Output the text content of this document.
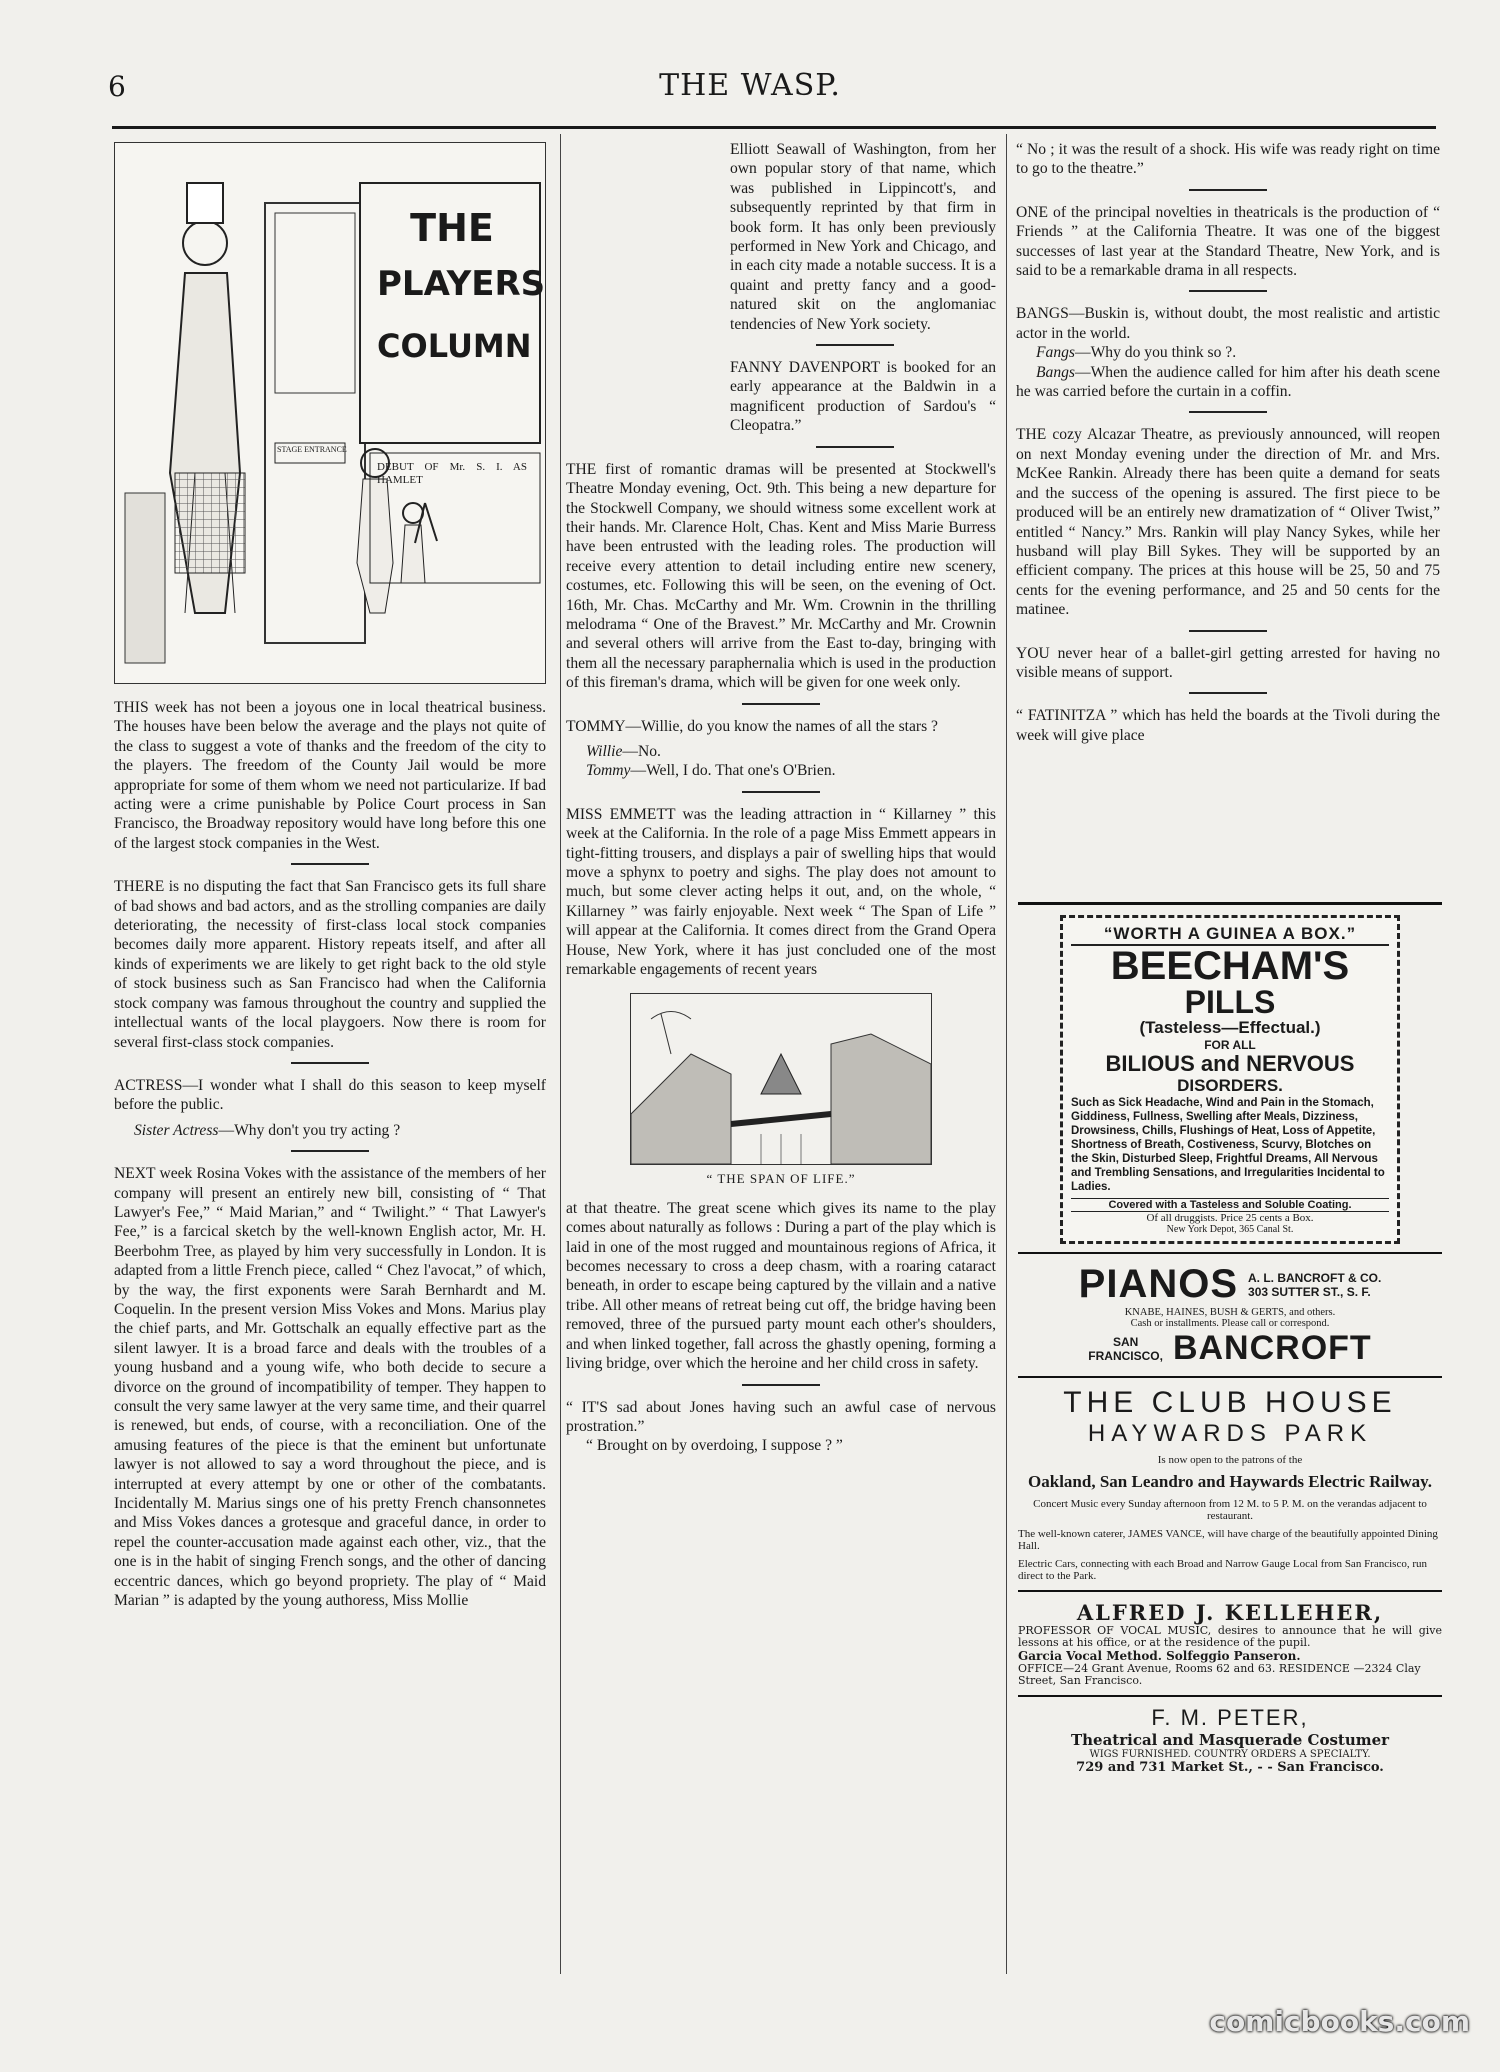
6	THE WASP.
THE
PLAYERS
COLUMN
STAGE ENTRANCE
DEBUT OF Mr. S. I. AS HAMLET

THIS week has not been a joyous one in local theatrical business. The houses have been below the average and the plays not quite of the class to suggest a vote of thanks and the freedom of the city to the players. The freedom of the County Jail would be more appropriate for some of them whom we need not particularize. If bad acting were a crime punishable by Police Court process in San Francisco, the Broadway repository would have long before this one of the largest stock companies in the West.

THERE is no disputing the fact that San Francisco gets its full share of bad shows and bad actors, and as the strolling companies are daily deteriorating, the necessity of first-class local stock companies becomes daily more apparent. History repeats itself, and after all kinds of experiments we are likely to get right back to the old style of stock business such as San Francisco had when the California stock company was famous throughout the country and supplied the intellectual wants of the local playgoers. Now there is room for several first-class stock companies.

ACTRESS—I wonder what I shall do this season to keep myself before the public.

Sister Actress—Why don't you try acting ?

NEXT week Rosina Vokes with the assistance of the members of her company will present an entirely new bill, consisting of “ That Lawyer's Fee,” “ Maid Marian,” and “ Twilight.” “ That Lawyer's Fee,” is a farcical sketch by the well-known English actor, Mr. H. Beerbohm Tree, as played by him very successfully in London. It is adapted from a little French piece, called “ Chez l'avocat,” of which, by the way, the first exponents were Sarah Bernhardt and M. Coquelin. In the present version Miss Vokes and Mons. Marius play the chief parts, and Mr. Gottschalk an equally effective part as the silent lawyer. It is a broad farce and deals with the troubles of a young husband and a young wife, who both decide to secure a divorce on the ground of incompatibility of temper. They happen to consult the very same lawyer at the very same time, and their quarrel is renewed, but ends, of course, with a reconciliation. One of the amusing features of the piece is that the eminent but unfortunate lawyer is not allowed to say a word throughout the piece, and is interrupted at every attempt by one or other of the combatants. Incidentally M. Marius sings one of his pretty French chansonnetes and Miss Vokes dances a grotesque and graceful dance, in order to repel the counter-accusation made against each other, viz., that the one is in the habit of singing French songs, and the other of dancing eccentric dances, which go beyond propriety. The play of “ Maid Marian ” is adapted by the young authoress, Miss Mollie

Elliott Seawall of Washington, from her own popular story of that name, which was published in Lippincott's, and subsequently reprinted by that firm in book form. It has only been previously performed in New York and Chicago, and in each city made a notable success. It is a quaint and pretty fancy and a good-natured skit on the anglomaniac tendencies of New York society.

FANNY DAVENPORT is booked for an early appearance at the Baldwin in a magnificent production of Sardou's “ Cleopatra.”

THE first of romantic dramas will be presented at Stockwell's Theatre Monday evening, Oct. 9th. This being a new departure for the Stockwell Company, we should witness some excellent work at their hands. Mr. Clarence Holt, Chas. Kent and Miss Marie Burress have been entrusted with the leading roles. The production will receive every attention to detail including entire new scenery, costumes, etc. Following this will be seen, on the evening of Oct. 16th, Mr. Chas. McCarthy and Mr. Wm. Crownin in the thrilling melodrama “ One of the Bravest.” Mr. McCarthy and Mr. Crownin and several others will arrive from the East to-day, bringing with them all the necessary paraphernalia which is used in the production of this fireman's drama, which will be given for one week only.

TOMMY—Willie, do you know the names of all the stars ?

Willie—No.

Tommy—Well, I do. That one's O'Brien.

MISS EMMETT was the leading attraction in “ Killarney ” this week at the California. In the role of a page Miss Emmett appears in tight-fitting trousers, and displays a pair of swelling hips that would move a sphynx to poetry and sighs. The play does not amount to much, but some clever acting helps it out, and, on the whole, “ Killarney ” was fairly enjoyable. Next week “ The Span of Life ” will appear at the California. It comes direct from the Grand Opera House, New York, where it has just concluded one of the most remarkable engagements of recent years

“ THE SPAN OF LIFE.”

at that theatre. The great scene which gives its name to the play comes about naturally as follows : During a part of the play which is laid in one of the most rugged and mountainous regions of Africa, it becomes necessary to cross a deep chasm, with a roaring cataract beneath, in order to escape being captured by the villain and a native tribe. All other means of retreat being cut off, the bridge having been removed, three of the pursued party mount each other's shoulders, and when linked together, fall across the ghastly opening, forming a living bridge, over which the heroine and her child cross in safety.

“ IT'S sad about Jones having such an awful case of nervous prostration.”

“ Brought on by overdoing, I suppose ? ”

“ No ; it was the result of a shock. His wife was ready right on time to go to the theatre.”

ONE of the principal novelties in theatricals is the production of “ Friends ” at the California Theatre. It was one of the biggest successes of last year at the Standard Theatre, New York, and is said to be a remarkable drama in all respects.

BANGS—Buskin is, without doubt, the most realistic and artistic actor in the world.

Fangs—Why do you think so ?.

Bangs—When the audience called for him after his death scene he was carried before the curtain in a coffin.

THE cozy Alcazar Theatre, as previously announced, will reopen on next Monday evening under the direction of Mr. and Mrs. McKee Rankin. Already there has been quite a demand for seats and the success of the opening is assured. The first piece to be produced will be an entirely new dramatization of “ Oliver Twist,” entitled “ Nancy.” Mrs. Rankin will play Nancy Sykes, while her husband will play Bill Sykes. They will be supported by an efficient company. The prices at this house will be 25, 50 and 75 cents for the evening performance, and 25 and 50 cents for the matinee.

YOU never hear of a ballet-girl getting arrested for having no visible means of support.

“ FATINITZA ” which has held the boards at the Tivoli during the week will give place

“WORTH A GUINEA A BOX.”
BEECHAM'S
PILLS
(Tasteless—Effectual.)
FOR ALL
BILIOUS and NERVOUS
DISORDERS.
Such as Sick Headache, Wind and Pain in the Stomach, Giddiness, Fullness, Swelling after Meals, Dizziness, Drowsiness, Chills, Flushings of Heat, Loss of Appetite, Shortness of Breath, Costiveness, Scurvy, Blotches on the Skin, Disturbed Sleep, Frightful Dreams, All Nervous and Trembling Sensations, and Irregularities Incidental to Ladies.
Covered with a Tasteless and Soluble Coating.
Of all druggists. Price 25 cents a Box.
New York Depot, 365 Canal St.
PIANOS A. L. BANCROFT & CO.
303 SUTTER ST., S. F.
KNABE, HAINES, BUSH & GERTS, and others.
Cash or installments. Please call or correspond.
SAN
FRANCISCO, BANCROFT
THE CLUB HOUSE
HAYWARDS PARK
Is now open to the patrons of the
Oakland, San Leandro and Haywards Electric Railway.
Concert Music every Sunday afternoon from 12 M. to 5 P. M. on the verandas adjacent to restaurant.
The well-known caterer, JAMES VANCE, will have charge of the beautifully appointed Dining Hall.
Electric Cars, connecting with each Broad and Narrow Gauge Local from San Francisco, run direct to the Park.
ALFRED J. KELLEHER,
PROFESSOR OF VOCAL MUSIC, desires to announce that he will give lessons at his office, or at the residence of the pupil.
Garcia Vocal Method. Solfeggio Panseron.
OFFICE—24 Grant Avenue, Rooms 62 and 63. RESIDENCE —2324 Clay Street, San Francisco.
F. M. PETER,
Theatrical and Masquerade Costumer
WIGS FURNISHED. COUNTRY ORDERS A SPECIALTY.
729 and 731 Market St., - - San Francisco.
comicbooks.com
